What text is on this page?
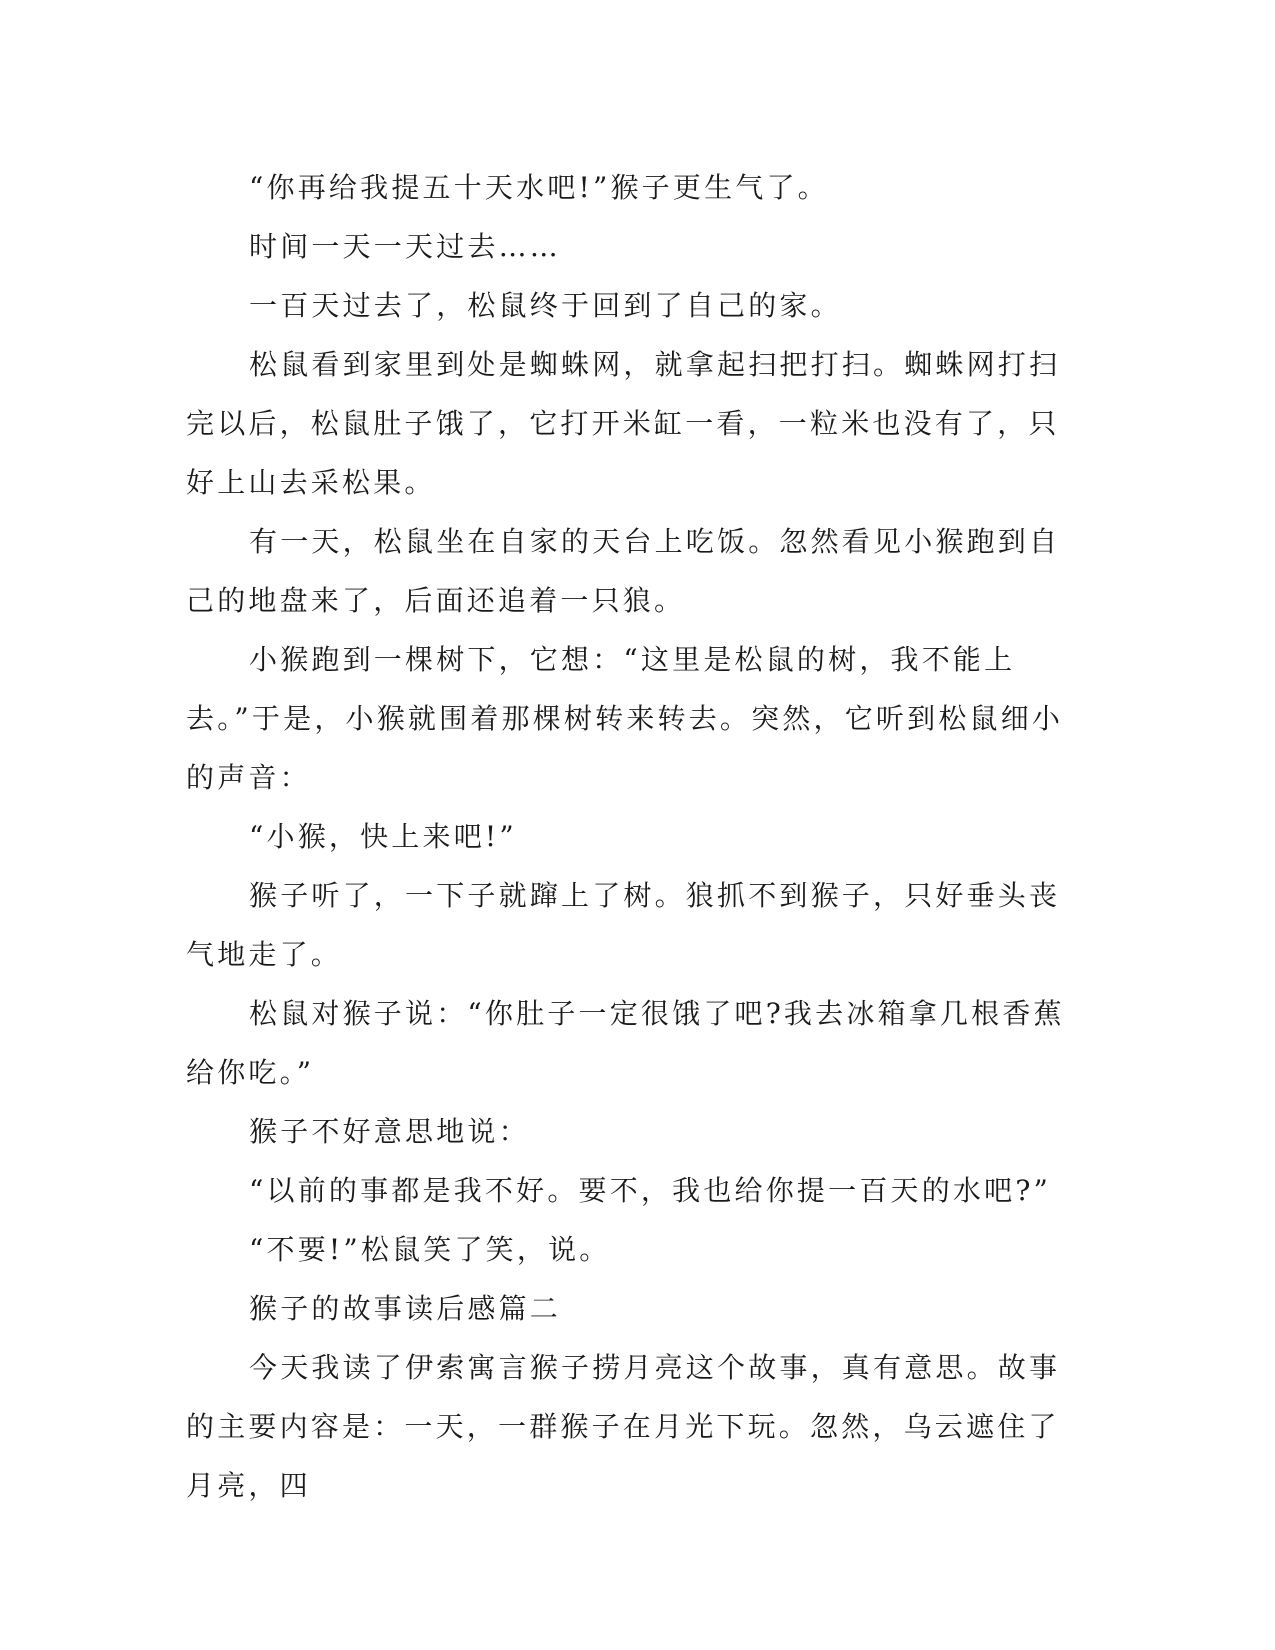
“你再给我提五十天水吧!”猴子更生气了。

时间一天一天过去……

一百天过去了，松鼠终于回到了自己的家。

松鼠看到家里到处是蜘蛛网，就拿起扫把打扫。蜘蛛网打扫完以后，松鼠肚子饿了，它打开米缸一看，一粒米也没有了，只好上山去采松果。

有一天，松鼠坐在自家的天台上吃饭。忽然看见小猴跑到自己的地盘来了，后面还追着一只狼。

小猴跑到一棵树下，它想：“这里是松鼠的树，我不能上去。”于是，小猴就围着那棵树转来转去。突然，它听到松鼠细小的声音：

“小猴，快上来吧!”

猴子听了，一下子就蹿上了树。狼抓不到猴子，只好垂头丧气地走了。

松鼠对猴子说：“你肚子一定很饿了吧?我去冰箱拿几根香蕉给你吃。”

猴子不好意思地说：

“以前的事都是我不好。要不，我也给你提一百天的水吧?”

“不要!”松鼠笑了笑，说。

猴子的故事读后感篇二

今天我读了伊索寓言猴子捞月亮这个故事，真有意思。故事的主要内容是：一天，一群猴子在月光下玩。忽然，乌云遮住了月亮，四
